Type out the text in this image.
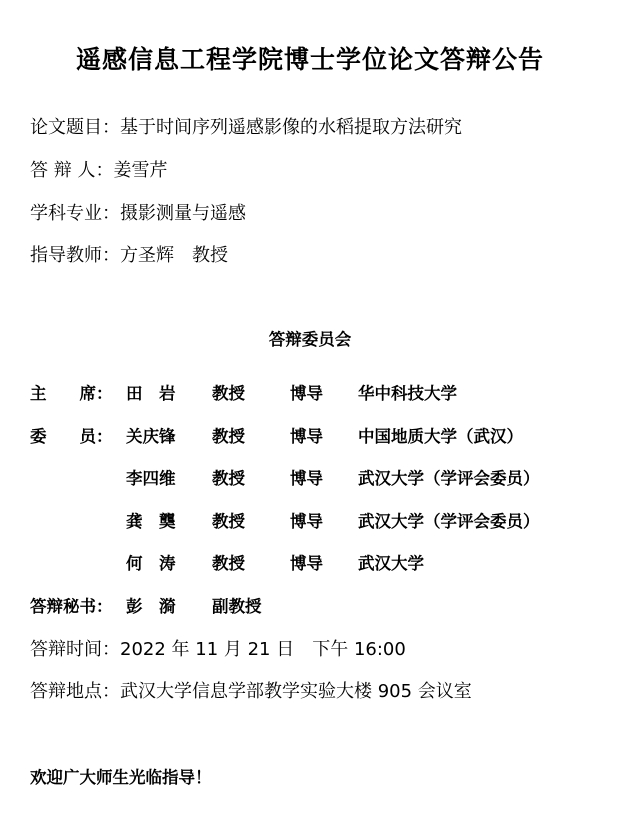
遥感信息工程学院博士学位论文答辩公告
论文题目：基于时间序列遥感影像的水稻提取方法研究
答 辩 人：姜雪芹
学科专业：摄影测量与遥感
指导教师：方圣辉　教授
答辩委员会
主　　席： 田　岩 教授	博导 华中科技大学
委　　员： 关庆锋 教授	博导 中国地质大学（武汉）
李四维 教授	博导 武汉大学（学评会委员）
龚　龑 教授	博导 武汉大学（学评会委员）
何　涛 教授	博导 武汉大学
答辩秘书： 彭　漪 副教授
答辩时间：2022 年 11 月 21 日　下午 16:00
答辩地点：武汉大学信息学部教学实验大楼 905 会议室
欢迎广大师生光临指导！
